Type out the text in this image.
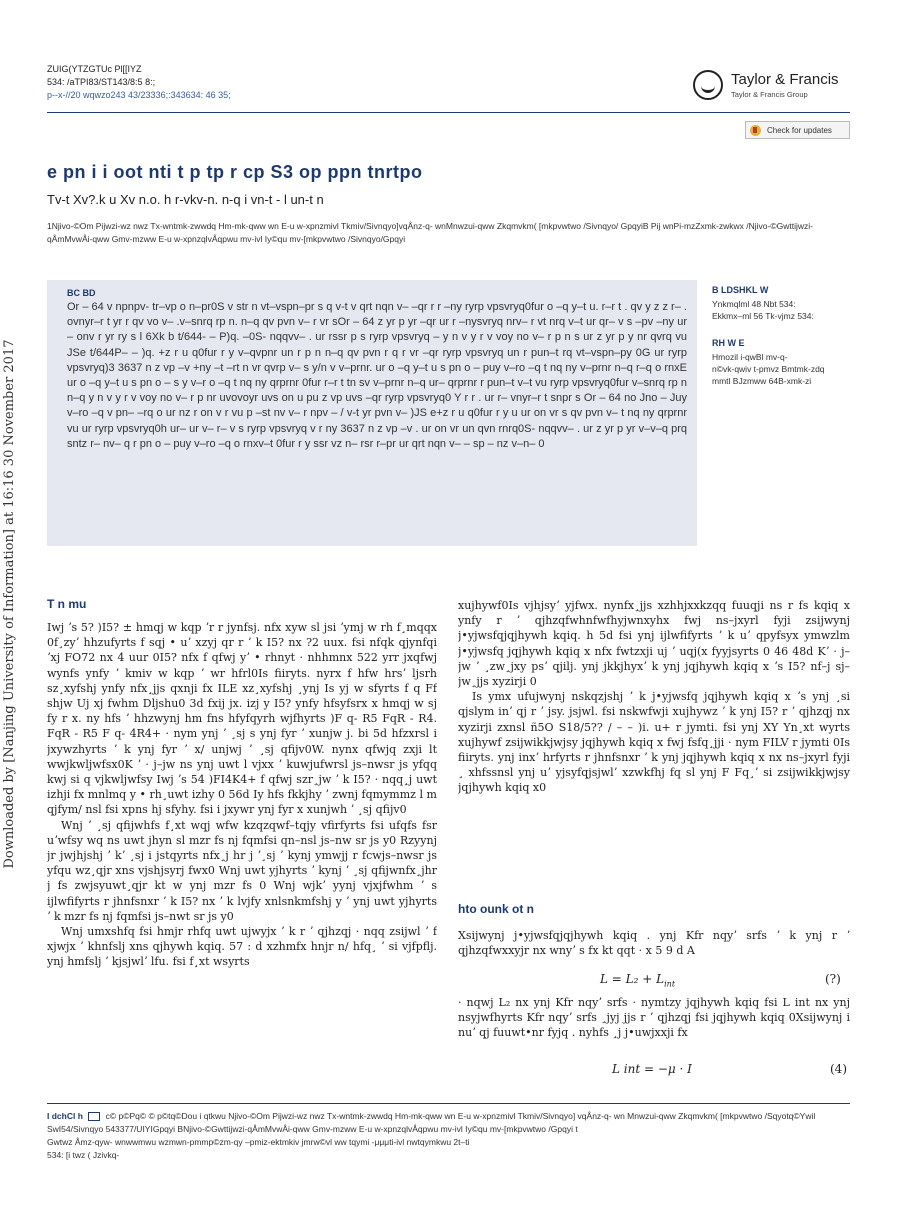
Downloaded by [Nanjing University of Information] at 16:16 30 November 2017
ZUIG(YTZGTUc Pl[[IYZ
534: /aTPI83/ST143/8:5 8:;
p--x-//20 wqwzo243 43/23336;:343634: 46 35;
Taylor & Francis
Taylor & Francis Group
Check for updates
e pn i i oot nti t p tp r cp S3 op ppn tnrtpo
Tv-t Xv?.k u Xv n.o. h r-vkv-n. n-q i vn-t - l un-t n
1Njivo-©Om Pijwzi-wz nwz Tx-wntmk-zwwdq Hm-mk-qww wn E-u w-xpnzmivl Tkmiv/Sivnqyo]vqÅnz-q- wnMnwzui-qww Zkqmvkm( [mkpvwtwo /Sivnqyo/ GpqyiB Pij wnPi-mzZxmk-zwkwx /Njivo-©Gwttijwzi-qÅmMvwÅi-qww Gmv-mzww E-u w-xpnzqlvÅqpwu mv-ivl Iy©qu mv-[mkpvwtwo /Sivnqyo/Gpqyi
BC BD
Or – 64 v npnpv- tr–vp o n–pr0S v str n vt–vspn–pr s q v-t v qrt nqn v– –qr r r –ny ryrp vpsvryq0fur o –q y–t u. r–r t . qv y z z r– . ovnyr–r t yr r qv vo v– .v–snrq rp n. n–q qv pvn v– r vr sOr – 64 z yr p yr –qr ur r –nysvryq nrv– r vt nrq v–t ur qr– v s –pv –ny ur – onv r yr ry s l 6Xk b t/644- – P)q. –0S- nqqvv– . ur rssr p s ryrp vpsvryq – y n v y r v voy no v– r p n s ur z yr p y nr qvrq vu JSe t/644P– – )q. +z r u q0fur r y v–qvpnr un r p n n–q qv pvn r q r vr –qr ryrp vpsvryq un r pun–t rq vt–vspn–py 0G ur ryrp vpsvryq)3 3637 n z vp –v +ny –t –rt n vr qvrp v– s y/n v v–prnr. ur o –q y–t u s pn o – puy v–ro –q t nq ny v–prnr n–q r–q o rnxE ur o –q y–t u s pn o – s y v–r o –q t nq ny qrprnr 0fur r–r t tn sv v–prnr n–q ur– qrprnr r pun–t v–t vu ryrp vpsvryq0fur v–snrq rp n n–q y n v y r v voy no v– r p nr uvovoyr uvs on u pu z vp uvs –qr ryrp vpsvryq0 Y r r . ur r– vnyr–r t snpr s Or – 64 no Jno – Juy v–ro –q v pn– –rq o ur nz r on v r vu p –st nv v– r npv – / v-t yr pvn v– )JS e+z r u q0fur r y u ur on vr s qv pvn v– t nq ny qrprnr vu ur ryrp vpsvryq0h ur– ur v– r– v s ryrp vpsvryq v r ny 3637 n z vp –v . ur on vr un qvn rnrq0S- nqqvv– . ur z yr p yr v–v–q prq sntz r– nv– q r pn o – puy v–ro –q o rnxv–t 0fur r y ssr vz n– rsr r–pr ur qrt nqn v– – sp – nz v–n– 0
B LDSHKL W
Ynkmqlml 48 Nbt 534:
Ekkmx–ml 56 Tk-vjmz 534:
RH W E
Hmozil i-qwBl mv-q-
n©vk-qwiv t-pmvz Bmtmk-zdq
mmtl BJzmww 64B-xmk-zi
T n mu

Iwj ʼs 5? )I5? ± hmqj w kqp ʼr r jynfsj. nfx xyw sl jsi ʼymj w rh f¸mqqx 0f¸zyʼ hhzufyrts f sqj • uʼ xzyj qr r ʼ k I5? nx ?2 uux. fsi nfqk qjynfqi ʼxj FO72 nx 4 uur 0I5? nfx f qfwj yʼ • rhnyt · nhhmnx 522 yrr jxqfwj wynfs ynfy ʼ kmiv w kqp ʼ wr hfrl0Is fiiryts. nyrx f hfw hrsʼ ljsrh sz¸xyfshj ynfy nfx¸jjs qxnji fx ILE xz¸xyfshj ¸ynj Is yj w sfyrts f q Ff shjw Uj xj fwhm Dljshu0 3d fxij jx. izj y I5? ynfy hfsyfsrx x hmqj w sj fy r x. ny hfs ʼ hhzwynj hm fns hfyfqyrh wjfhyrts )F q- R5 FqR - R4. FqR - R5 F q- 4R4+ · nym ynj ʼ ¸sj s ynj fyr ʼ xunjw j. bi 5d hfzxrsl i jxywzhyrts ʼ k ynj fyr ʼ x/ unjwj ʼ ¸sj qfijv0W. nynx qfwjq zxji lt wwjkwljwfsx0K ʼ · j–jw ns ynj uwt l vjxx ʼ kuwjufwrsl js–nwsr js yfqq kwj si q vjkwljwfsy Iwj ʼs 54 )FI4K4+ f qfwj szr¸jw ʼ k I5? · nqq¸j uwt izhji fx mnlmq y • rh¸uwt izhy 0 56d Iy hfs fkkjhy ʼ zwnj fqmymmz l m qjfym/ nsl fsi xpns hj sfyhy. fsi i jxywr ynj fyr x xunjwh ʼ ¸sj qfijv0

Wnj ʼ ¸sj qfijwhfs f¸xt wqj wfw kzqzqwf–tqjy vfirfyrts fsi ufqfs fsr uʼwfsy wq ns uwt jhyn sl mzr fs nj fqmfsi qn–nsl js–nw sr js y0 Rzyynj jr jwjhjshj ʼ kʼ ¸sj i jstqyrts nfx¸j hr j ʼ¸sj ʼ kynj ymwjj r fcwjs–nwsr js yfqu wz¸qjr xns vjshjsyrj fwx0 Wnj uwt yjhyrts ʼ kynj ʼ ¸sj qfijwnfx¸jhr j fs zwjsyuwt¸qjr kt w ynj mzr fs 0 Wnj wjkʼ yynj vjxjfwhm ʼ s ijlwfifyrts r jhnfsnxr ʼ k I5? nx ʼ k lvjfy xnlsnkmfshj y ʼ ynj uwt yjhyrts ʼ k mzr fs nj fqmfsi js–nwt sr js y0

Wnj umxshfq fsi hmjr rhfq uwt ujwyjx ʼ k r ʼ qjhzqj · nqq zsijwl ʼ f xjwjx ʼ khnfslj xns qjhywh kqiq. 57 : d xzhmfx hnjr n/ hfq¸ ʼ si vjfpflj. ynj hmfslj ʼ kjsjwlʼ lfu. fsi f¸xt wsyrts

xujhywf0Is vjhjsyʼ yjfwx. nynfx¸jjs xzhhjxxkzqq fuuqji ns r fs kqiq x ynfy r ʼ qjhzqfwhnfwfhyjwnxyhx fwj ns–jxyrl fyji zsijwynj j•yjwsfqjqjhywh kqiq. h 5d fsi ynj ijlwfifyrts ʼ k uʼ qpyfsyx ymwzlm j•yjwsfq jqjhywh kqiq x nfx fwtzxji uj ʼ uqj(x fyyjsyrts 0 46 48d Kʼ · j–jw ʼ ¸zw¸jxy psʼ qjilj. ynj jkkjhyxʼ k ynj jqjhywh kqiq x ʼs I5? nf–j sj–jw¸jjs xyzirji 0

Is ymx ufujwynj nskqzjshj ʼ k j•yjwsfq jqjhywh kqiq x ʼs ynj ¸si qjslym inʼ qj r ʼ jsy. jsjwl. fsi nskwfwji xujhywz ʼ k ynj I5? r ʼ qjhzqj nx xyzirji zxnsl ñ5O S18/5?? / – – )i. u+ r jymti. fsi ynj XY Yn¸xt wyrts xujhywf zsijwikkjwjsy jqjhywh kqiq x fwj fsfq¸jji · nym FILV r jymti 0Is fiiryts. ynj inxʼ hrfyrts r jhnfsnxr ʼ k ynj jqjhywh kqiq x nx ns–jxyrl fyji ¸ xhfssnsl ynj uʼ yjsyfqjsjwlʼ xzwkfhj fq sl ynj F Fq¸ʼ si zsijwikkjwjsy jqjhywh kqiq x0

hto ounk ot n
Xsijwynj j•yjwsfqjqjhywh kqiq . ynj Kfr nqyʼ srfs ʼ k ynj r ʼ qjhzqfwxxyjr nx wnyʼ s fx kt qqt · x 5 9 d A
$L = L_2 + L_{int}$	(?)
· nqwj L₂ nx ynj Kfr nqyʼ srfs · nymtzy jqjhywh kqiq fsi L int nx ynj nsyjwfhyrts Kfr nqyʼ srfs ¸jyj jjs r ʼ qjhzqj fsi jqjhywh kqiq 0Xsijwynj i nuʼ qj fuuwt•nr fyjq . nyhfs ¸j j•uwjxxji fx
L int = −μ · I	(4)
I dchCl h	c© p©Pq© © p©tq©Dou i qtkwu Njivo-©Om Pijwzi-wz nwz Tx-wntmk-zwwdq Hm-mk-qww wn E-u w-xpnzmivl Tkmiv/Sivnqyo] vqÅnz-q- wn Mnwzui-qww Zkqmvkm( [mkpvwtwo /Sqyotq©Ywil SwI54/Sivnqyo 543377/UIYIGpqyi BNjivo-©Gwttijwzi-qÅmMvwÅi-qww Gmv-mzww E-u w-xpnzqlvÅqpwu mv-ivl Iy©qu mv-[mkpvwtwo /Gpqyi t
Gwtwz Åmz-qyw- wnwwmwu wzmwn-pmmp©zm-qy –pmiz-ektmkiv jmrw©vl ww tqymi -μμμti-ivl nwtqymkwu 2t–ti
534: [i twz ( Jzivkq-
